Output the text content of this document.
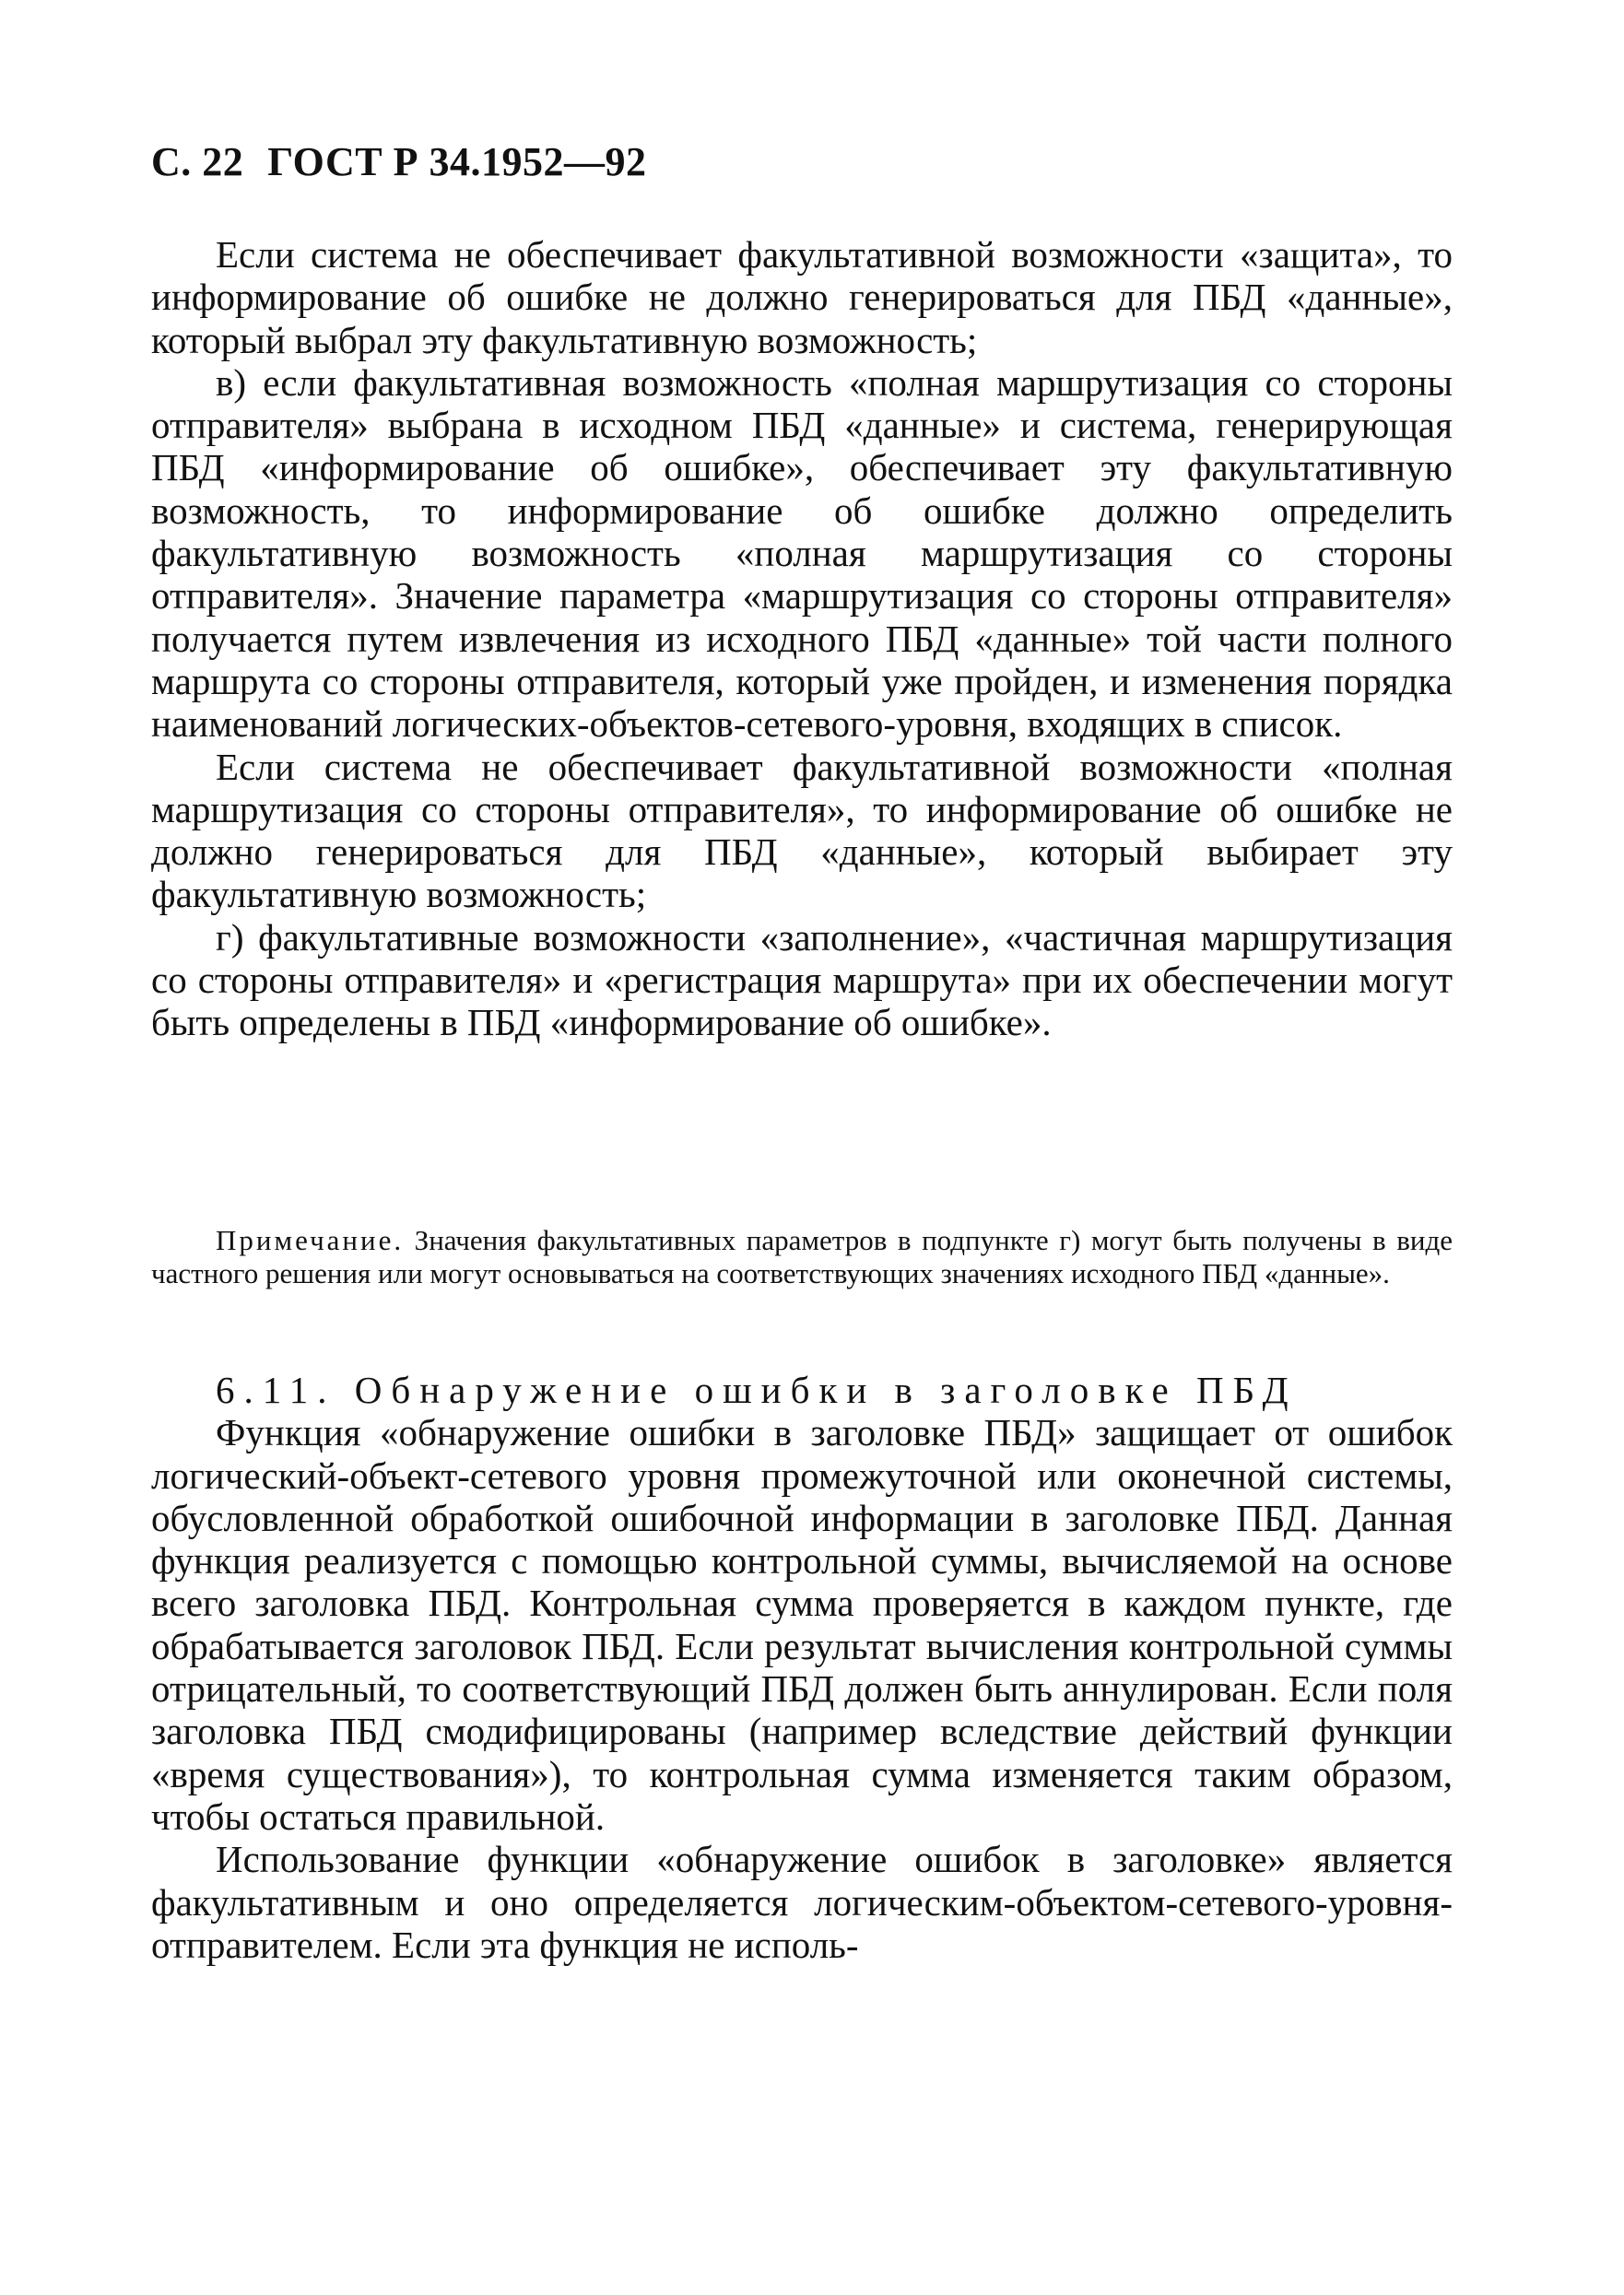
С. 22 ГОСТ Р 34.1952—92

Если система не обеспечивает факультативной возможности «защита», то информирование об ошибке не должно генерироваться для ПБД «данные», который выбрал эту факультативную возможность;

в) если факультативная возможность «полная маршрутизация со стороны отправителя» выбрана в исходном ПБД «данные» и система, генерирующая ПБД «информирование об ошибке», обеспечивает эту факультативную возможность, то информирование об ошибке должно определить факультативную возможность «полная маршрутизация со стороны отправителя». Значение параметра «маршрутизация со стороны отправителя» получается путем извлечения из исходного ПБД «данные» той части полного маршрута со стороны отправителя, который уже пройден, и изменения порядка наименований логических-объектов-сетевого-уровня, входящих в список.

Если система не обеспечивает факультативной возможности «полная маршрутизация со стороны отправителя», то информирование об ошибке не должно генерироваться для ПБД «данные», который выбирает эту факультативную возможность;

г) факультативные возможности «заполнение», «частичная маршрутизация со стороны отправителя» и «регистрация маршрута» при их обеспечении могут быть определены в ПБД «информирование об ошибке».

Примечание. Значения факультативных параметров в подпункте г) могут быть получены в виде частного решения или могут основываться на соответствующих значениях исходного ПБД «данные».

6.11. Обнаружение ошибки в заголовке ПБД

Функция «обнаружение ошибки в заголовке ПБД» защищает от ошибок логический-объект-сетевого уровня промежуточной или оконечной системы, обусловленной обработкой ошибочной информации в заголовке ПБД. Данная функция реализуется с помощью контрольной суммы, вычисляемой на основе всего заголовка ПБД. Контрольная сумма проверяется в каждом пункте, где обрабатывается заголовок ПБД. Если результат вычисления контрольной суммы отрицательный, то соответствующий ПБД должен быть аннулирован. Если поля заголовка ПБД смодифицированы (например вследствие действий функции «время существования»), то контрольная сумма изменяется таким образом, чтобы остаться правильной.

Использование функции «обнаружение ошибок в заголовке» является факультативным и оно определяется логическим-объектом-сетевого-уровня-отправителем. Если эта функция не исполь-
